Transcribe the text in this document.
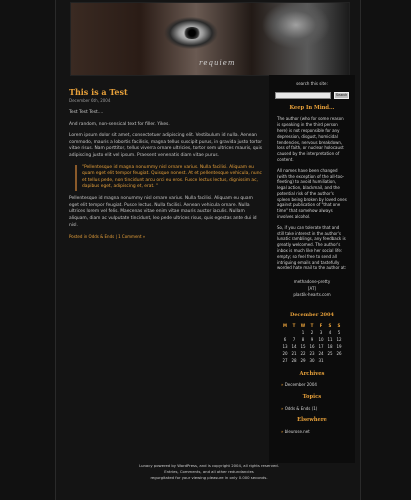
requiem
This is a Test
December 6th, 2004

Test Test Test....

And random, non-sensical text for filler. Yikes.

Lorem ipsum dolor sit amet, consectetuer adipiscing elit. Vestibulum id nulla. Aenean commodo, mauris a lobortis facilisis, magna tellus suscipit purus, in gravida justo tortor vitae risus. Nam porttitor, tellus viverra ornare ultricies, tortor sem ultrices mauris, quis adipiscing justo elit vel ipsum. Praesent venenatis diam vitae purus.

"Pellentesque id magna nonummy nisl ornare varius. Nulla facilisi. Aliquam eu quam eget elit tempor feugiat. Quisque nonest. At et pellentesque vehicula, nunc et tellus pede, non tincidunt arcu orci eu eros. Fusce lectus lectus, dignissim ac, dapibus eget, adipiscing et, erat. "

Pellentesque id magna nonummy nisl ornare varius. Nulla facilisi. Aliquam eu quam eget elit tempor feugiat. Pusce lectus. Nulla facilisi. Aenean vehicula ornare. Nulla ultrices lorem vel felis. Maecenas vitae enim vitae mauris auctor iaculis. Nullam aliquam, diam ac vulputate tincidunt, leo pede ultrices risus, quis egestas ante dui id nisl.

Posted in Odds & Ends | 1 Comment »
search this site:
Search
Keep In Mind...

The author (who for some reason is speaking in the third person here) is not responsible for any depression, disgust, homicidal tendencies, nervous breakdown, loss of faith, or nuclear holocaust caused by the interpretation of content.

All names have been changed (with the exception of the all-too-fleeting) to avoid humiliation, legal action, blackmail, and the potential risk of the author's spleen being broken by loved ones against publication of "that one time" that somehow always involves alcohol.

So, if you can tolerate that and still take interest in the author's lunatic ramblings, any feedback is greatly welcomed. The author's inbox is much like her social life: empty; so feel free to send all intriguing emails and tastefully worded hate mail to the author at:

methadone-pretty
[AT]
plastik-hearts.com
December 2004
M	T	W	T	F	S	S
		1	2	3	4	5
6	7	8	9	10	11	12
13	14	15	16	17	18	19
20	21	22	23	24	25	26
27	28	29	30	31		
Archives
» December 2004
Topics
» Odds & Ends (1)
Elsewhere
» bleurose.net
Lunacy powered by WordPress, and is copyright 2004, all rights reserved.
Entries, Comments, and all other redundancies
regurgitated for your viewing pleasure in only 0.000 seconds.
